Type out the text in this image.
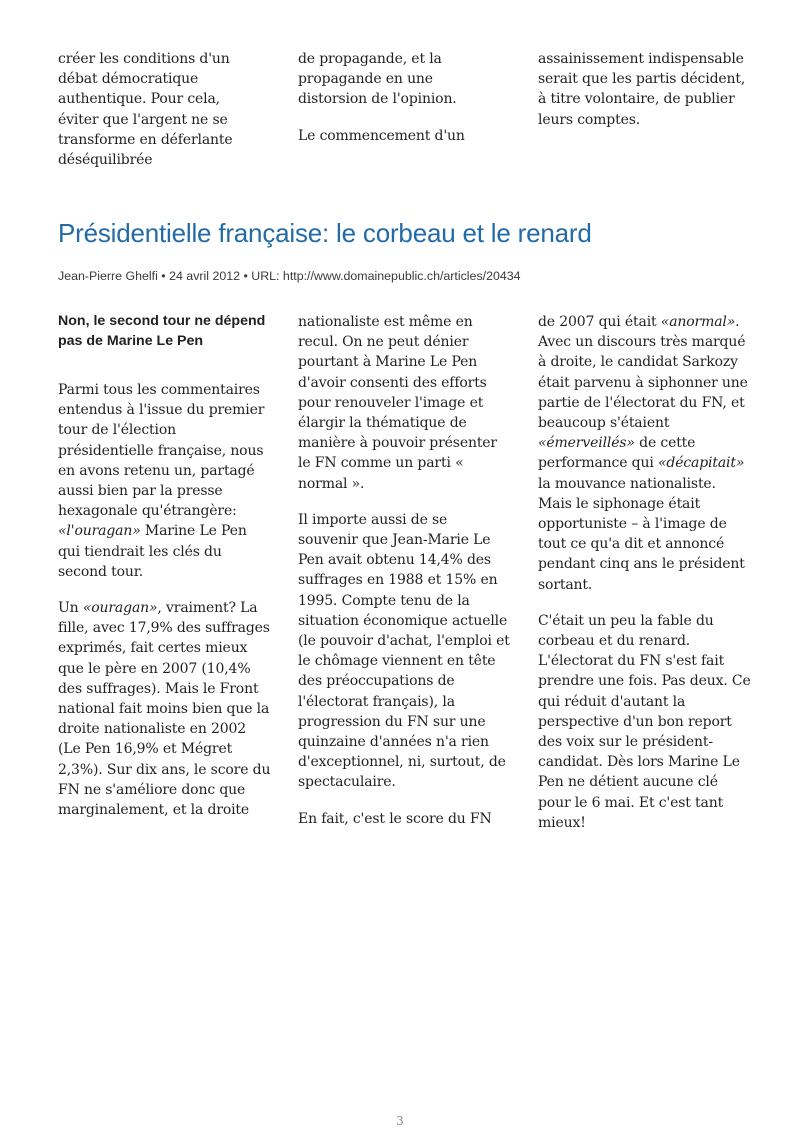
créer les conditions d'un débat démocratique authentique. Pour cela, éviter que l'argent ne se transforme en déferlante déséquilibrée

de propagande, et la propagande en une distorsion de l'opinion.

Le commencement d'un

assainissement indispensable serait que les partis décident, à titre volontaire, de publier leurs comptes.

Présidentielle française: le corbeau et le renard
Jean-Pierre Ghelfi • 24 avril 2012 • URL: http://www.domainepublic.ch/articles/20434
Non, le second tour ne dépend pas de Marine Le Pen

Parmi tous les commentaires entendus à l'issue du premier tour de l'élection présidentielle française, nous en avons retenu un, partagé aussi bien par la presse hexagonale qu'étrangère: «l'ouragan» Marine Le Pen qui tiendrait les clés du second tour.

Un «ouragan», vraiment? La fille, avec 17,9% des suffrages exprimés, fait certes mieux que le père en 2007 (10,4% des suffrages). Mais le Front national fait moins bien que la droite nationaliste en 2002 (Le Pen 16,9% et Mégret 2,3%). Sur dix ans, le score du FN ne s'améliore donc que marginalement, et la droite

nationaliste est même en recul. On ne peut dénier pourtant à Marine Le Pen d'avoir consenti des efforts pour renouveler l'image et élargir la thématique de manière à pouvoir présenter le FN comme un parti « normal ».

Il importe aussi de se souvenir que Jean-Marie Le Pen avait obtenu 14,4% des suffrages en 1988 et 15% en 1995. Compte tenu de la situation économique actuelle (le pouvoir d'achat, l'emploi et le chômage viennent en tête des préoccupations de l'électorat français), la progression du FN sur une quinzaine d'années n'a rien d'exceptionnel, ni, surtout, de spectaculaire.

En fait, c'est le score du FN

de 2007 qui était «anormal». Avec un discours très marqué à droite, le candidat Sarkozy était parvenu à siphonner une partie de l'électorat du FN, et beaucoup s'étaient «émerveillés» de cette performance qui «décapitait» la mouvance nationaliste. Mais le siphonage était opportuniste – à l'image de tout ce qu'a dit et annoncé pendant cinq ans le président sortant.

C'était un peu la fable du corbeau et du renard. L'électorat du FN s'est fait prendre une fois. Pas deux. Ce qui réduit d'autant la perspective d'un bon report des voix sur le président-candidat. Dès lors Marine Le Pen ne détient aucune clé pour le 6 mai. Et c'est tant mieux!

3
